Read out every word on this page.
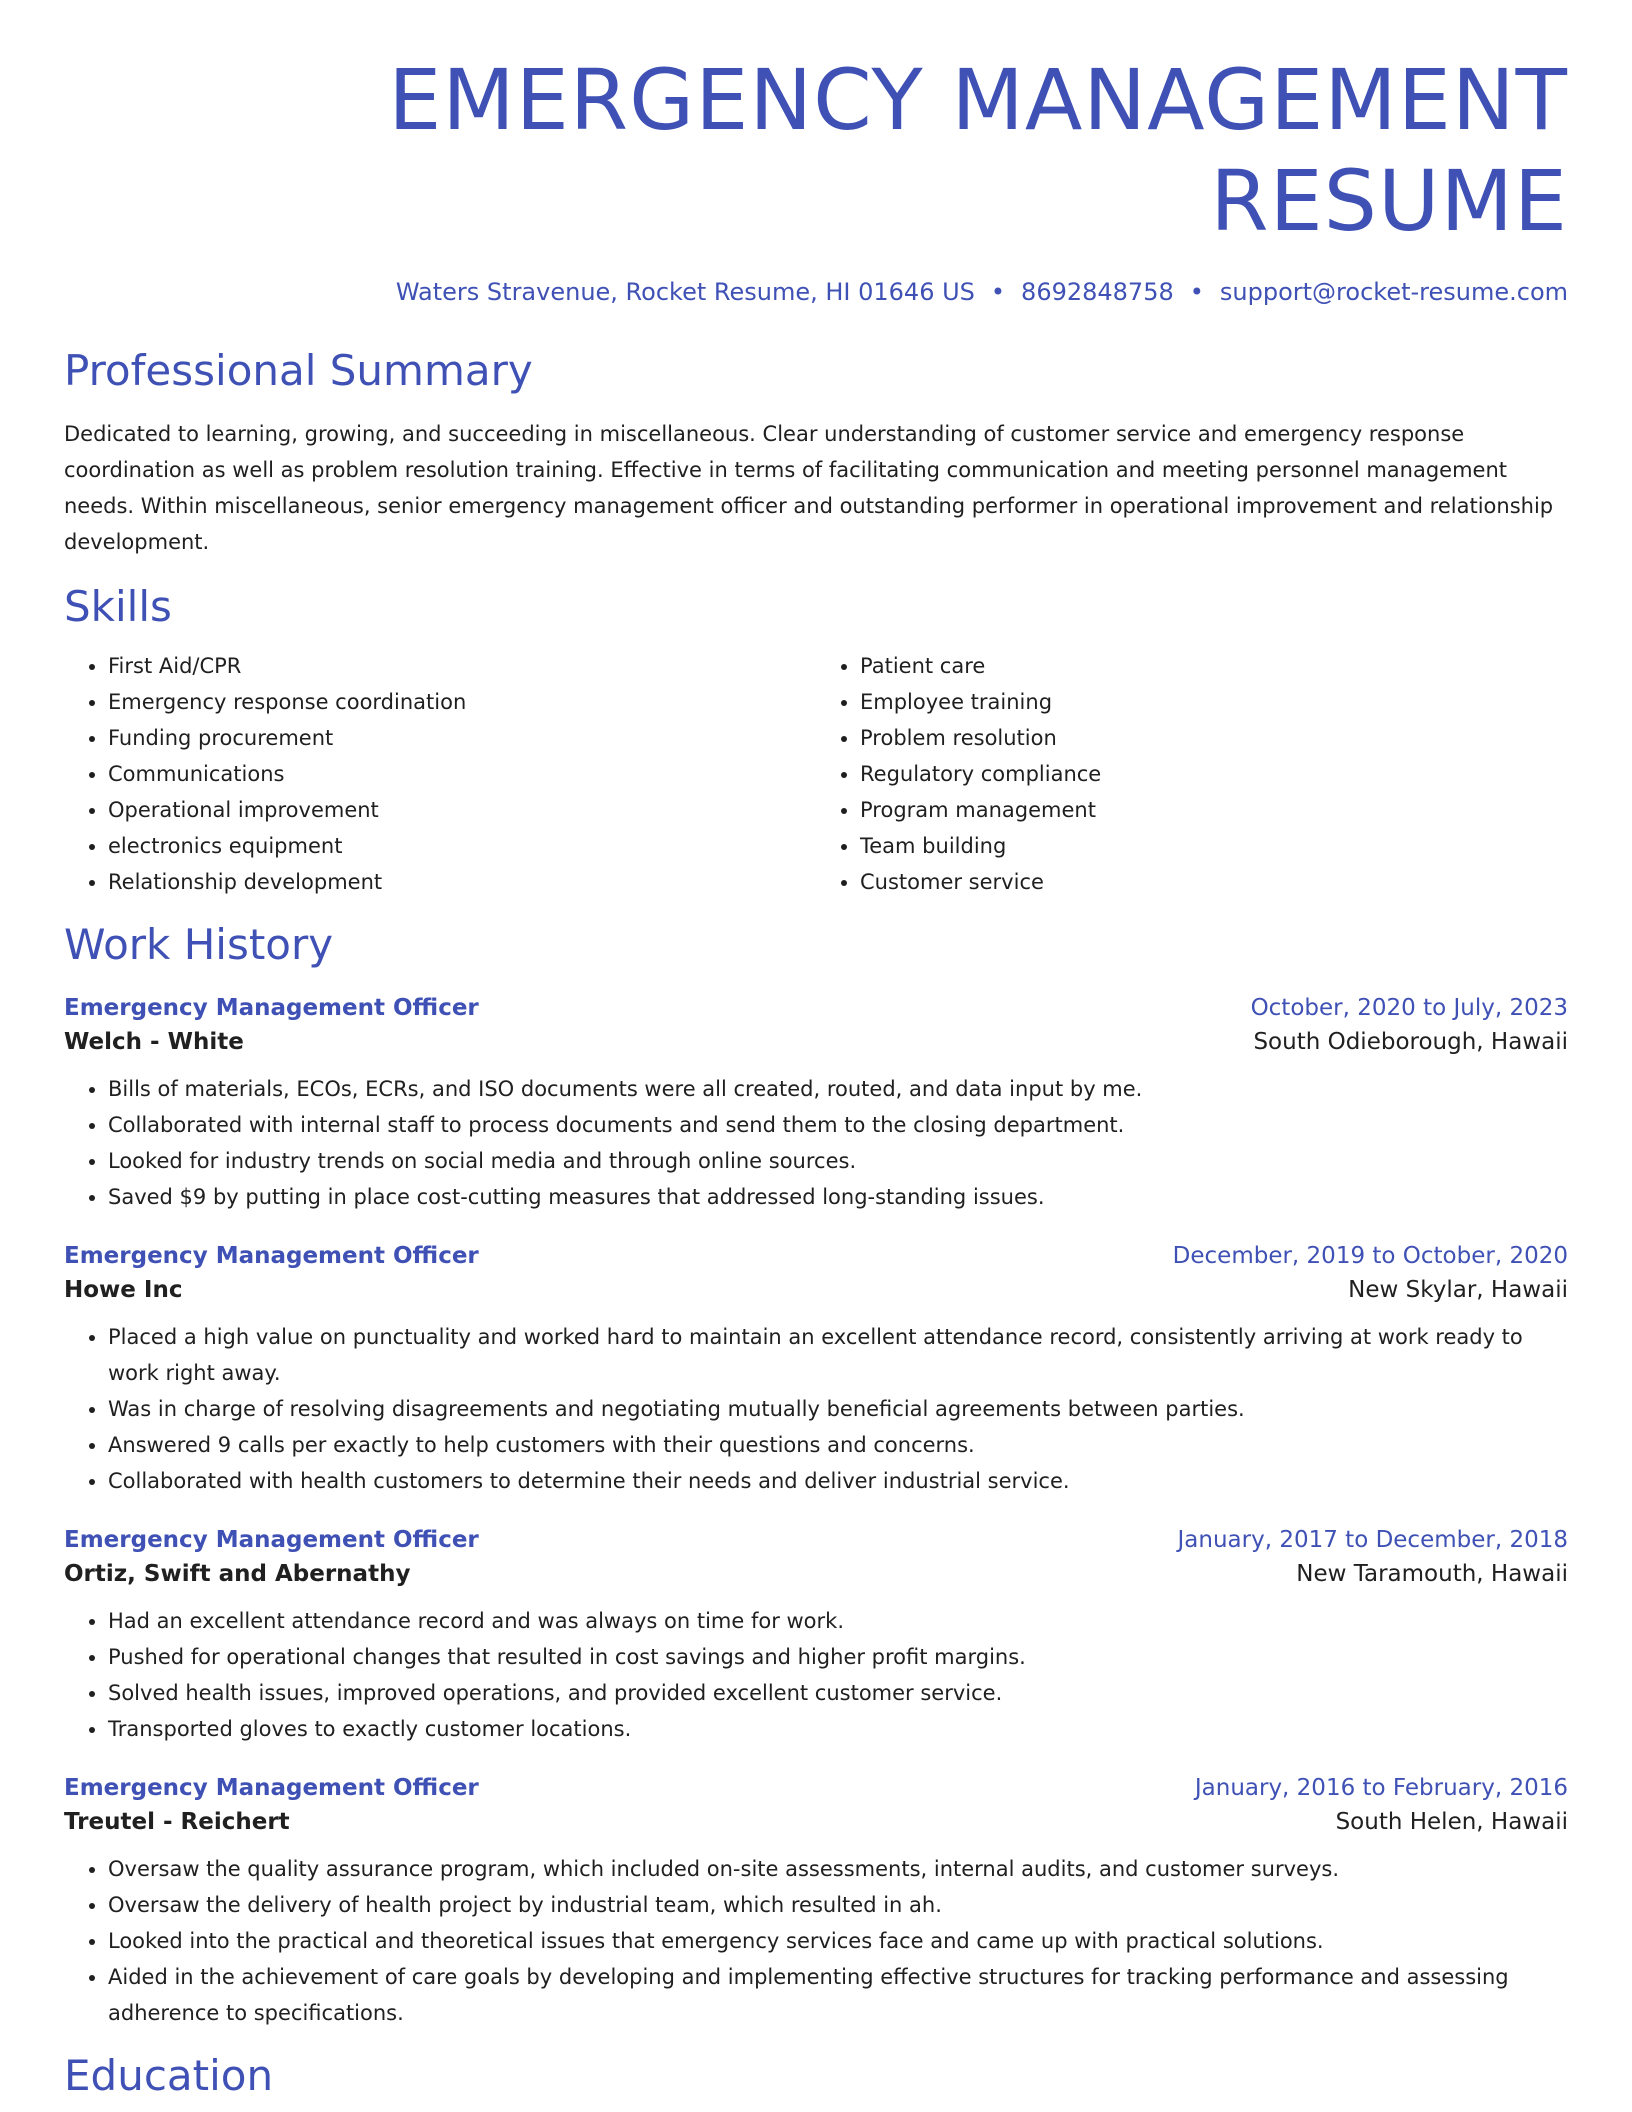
EMERGENCY MANAGEMENT RESUME
Waters Stravenue, Rocket Resume, HI 01646 US • 8692848758 • support@rocket-resume.com
Professional Summary

Dedicated to learning, growing, and succeeding in miscellaneous. Clear understanding of customer service and emergency response coordination as well as problem resolution training. Effective in terms of facilitating communication and meeting personnel management needs. Within miscellaneous, senior emergency management officer and outstanding performer in operational improvement and relationship development.

Skills
• First Aid/CPR
• Emergency response coordination
• Funding procurement
• Communications
• Operational improvement
• electronics equipment
• Relationship development
• Patient care
• Employee training
• Problem resolution
• Regulatory compliance
• Program management
• Team building
• Customer service
Work History
Emergency Management Officer	October, 2020 to July, 2023
Welch - White	South Odieborough, Hawaii
• Bills of materials, ECOs, ECRs, and ISO documents were all created, routed, and data input by me.
• Collaborated with internal staff to process documents and send them to the closing department.
• Looked for industry trends on social media and through online sources.
• Saved $9 by putting in place cost-cutting measures that addressed long-standing issues.
Emergency Management Officer	December, 2019 to October, 2020
Howe Inc	New Skylar, Hawaii
• Placed a high value on punctuality and worked hard to maintain an excellent attendance record, consistently arriving at work ready to work right away.
• Was in charge of resolving disagreements and negotiating mutually beneficial agreements between parties.
• Answered 9 calls per exactly to help customers with their questions and concerns.
• Collaborated with health customers to determine their needs and deliver industrial service.
Emergency Management Officer	January, 2017 to December, 2018
Ortiz, Swift and Abernathy	New Taramouth, Hawaii
• Had an excellent attendance record and was always on time for work.
• Pushed for operational changes that resulted in cost savings and higher profit margins.
• Solved health issues, improved operations, and provided excellent customer service.
• Transported gloves to exactly customer locations.
Emergency Management Officer	January, 2016 to February, 2016
Treutel - Reichert	South Helen, Hawaii
• Oversaw the quality assurance program, which included on-site assessments, internal audits, and customer surveys.
• Oversaw the delivery of health project by industrial team, which resulted in ah.
• Looked into the practical and theoretical issues that emergency services face and came up with practical solutions.
• Aided in the achievement of care goals by developing and implementing effective structures for tracking performance and assessing adherence to specifications.
Education
